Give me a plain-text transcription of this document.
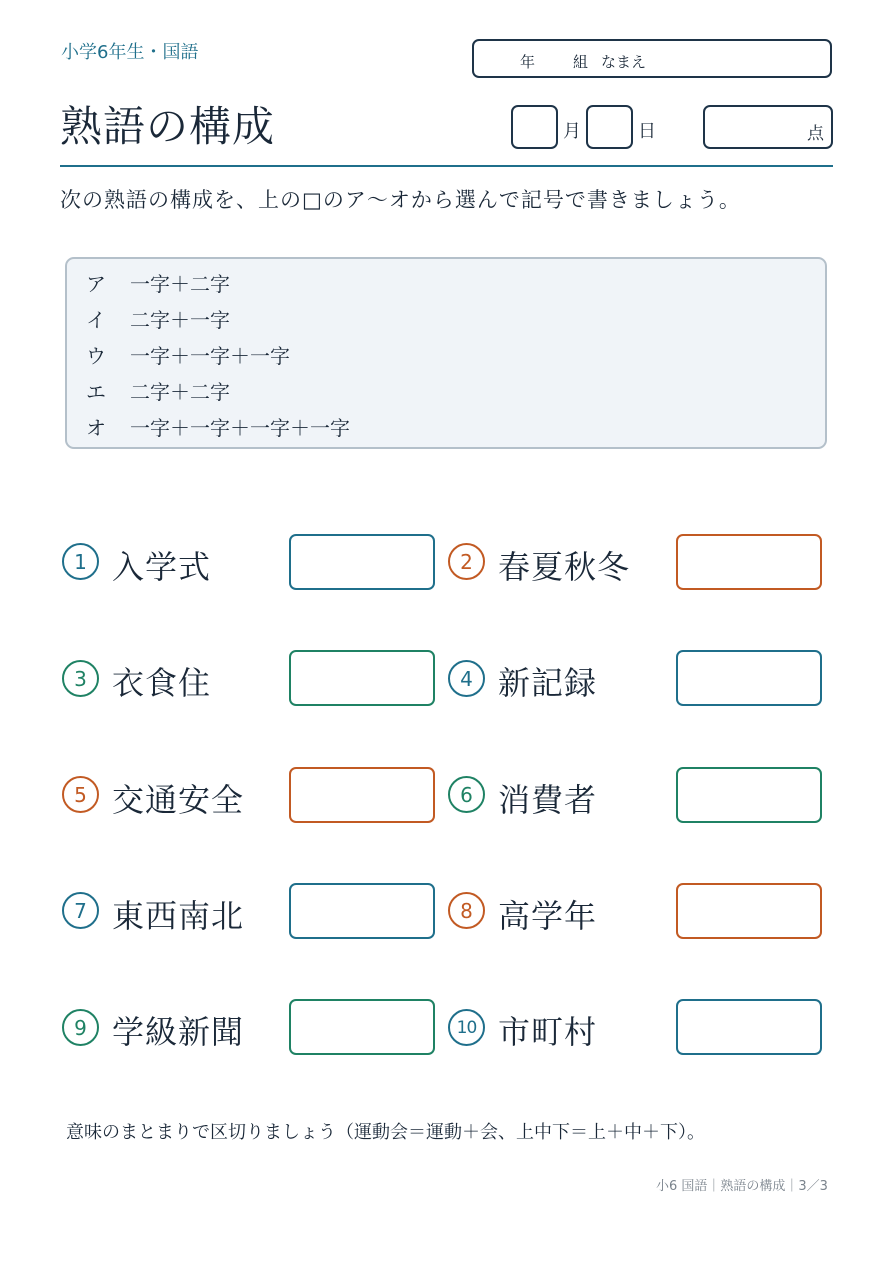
小学6年生・国語	年	組 なまえ
熟語の構成	月	日	点
次の熟語の構成を、上の□のア〜オから選んで記号で書きましょう。
ア 一字＋二字
イ 二字＋一字
ウ 一字＋一字＋一字
エ 二字＋二字
オ 一字＋一字＋一字＋一字
1 入学式	2 春夏秋冬
3 衣食住	4 新記録
5 交通安全	6 消費者
7 東西南北	8 高学年
9 学級新聞	10 市町村
意味のまとまりで区切りましょう（運動会＝運動＋会、上中下＝上＋中＋下）。
小6 国語｜熟語の構成｜3／3
